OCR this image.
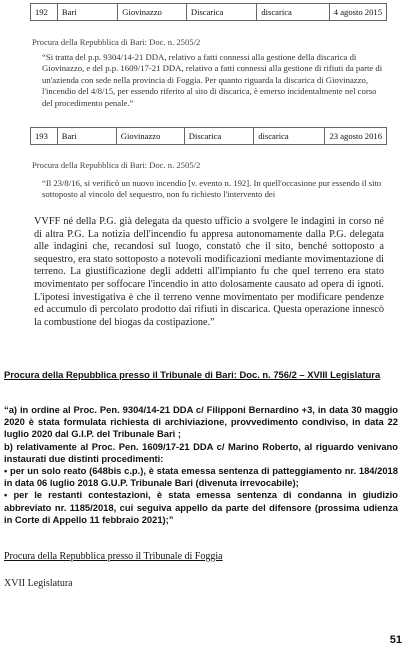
192	Bari	Giovinazzo	Discarica	discarica	4 agosto 2015
Procura della Repubblica di Bari: Doc. n. 2505/2
“Si tratta del p.p. 9304/14-21 DDA, relativo a fatti connessi alla gestione della discarica di Giovinazzo, e del p.p. 1609/17-21 DDA, relativo a fatti connessi alla gestione di rifiuti da parte di un'azienda con sede nella provincia di Foggia. Per quanto riguarda la discarica di Giovinazzo, l'incendio del 4/8/15, per essendo riferito al sito di discarica, è emerso incidentalmente nel corso del procedimento penale.”
193	Bari	Giovinazzo	Discarica	discarica	23 agosto 2016
Procura della Repubblica di Bari: Doc. n. 2505/2
“Il 23/8/16, si verificò un nuovo incendio [v. evento n. 192]. In quell'occasione pur essendo il sito sottoposto al vincolo del sequestro, non fu richiesto l'intervento dei
VVFF né della P.G. già delegata da questo ufficio a svolgere le indagini in corso né di altra P.G. La notizia dell'incendio fu appresa autonomamente dalla P.G. delegata alle indagini che, recandosi sul luogo, constatò che il sito, benché sottoposto a sequestro, era stato sottoposto a notevoli modificazioni mediante movimentazione di terreno. La giustificazione degli addetti all'impianto fu che quel terreno era stato movimentato per soffocare l'incendio in atto dolosamente causato ad opera di ignoti. L'ipotesi investigativa è che il terreno venne movimentato per modificare pendenze ed accumulo di percolato prodotto dai rifiuti in discarica. Questa operazione innescò la combustione del biogas da costipazione.”
Procura della Repubblica presso il Tribunale di Bari: Doc. n. 756/2 – XVIII Legislatura

“a) in ordine al Proc. Pen. 9304/14-21 DDA c/ Filipponi Bernardino +3, in data 30 maggio 2020 è stata formulata richiesta di archiviazione, provvedimento condiviso, in data 22 luglio 2020 dal G.I.P. del Tribunale Bari ;

b) relativamente al Proc. Pen. 1609/17-21 DDA c/ Marino Roberto, al riguardo venivano instaurati due distinti procedimenti:

• per un solo reato (648bis c.p.), è stata emessa sentenza di patteggiamento nr. 184/2018 in data 06 luglio 2018 G.U.P. Tribunale Bari (divenuta irrevocabile);

• per le restanti contestazioni, è stata emessa sentenza di condanna in giudizio abbreviato nr. 1185/2018, cui seguiva appello da parte del difensore (prossima udienza in Corte di Appello 11 febbraio 2021);”

Procura della Repubblica presso il Tribunale di Foggia
XVII Legislatura
51
